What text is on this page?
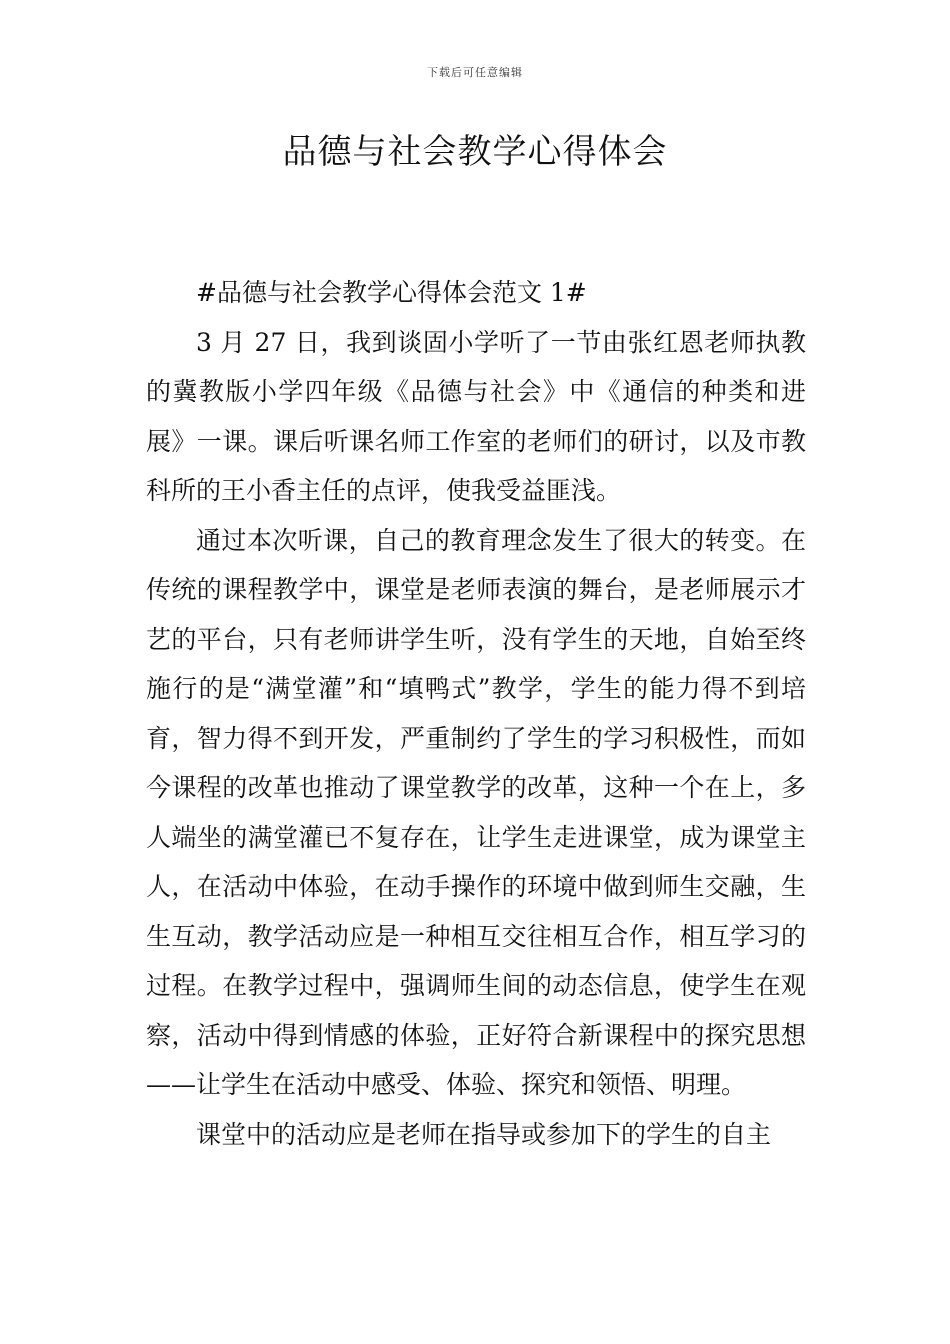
下载后可任意编辑
品德与社会教学心得体会

#品德与社会教学心得体会范文 1#

3 月 27 日，我到谈固小学听了一节由张红恩老师执教的冀教版小学四年级《品德与社会》中《通信的种类和进展》一课。课后听课名师工作室的老师们的研讨，以及市教科所的王小香主任的点评，使我受益匪浅。

通过本次听课，自己的教育理念发生了很大的转变。在传统的课程教学中，课堂是老师表演的舞台，是老师展示才艺的平台，只有老师讲学生听，没有学生的天地，自始至终施行的是“满堂灌”和“填鸭式”教学，学生的能力得不到培育，智力得不到开发，严重制约了学生的学习积极性，而如今课程的改革也推动了课堂教学的改革，这种一个在上，多人端坐的满堂灌已不复存在，让学生走进课堂，成为课堂主人，在活动中体验，在动手操作的环境中做到师生交融，生生互动，教学活动应是一种相互交往相互合作，相互学习的过程。在教学过程中，强调师生间的动态信息，使学生在观察，活动中得到情感的体验，正好符合新课程中的探究思想——让学生在活动中感受、体验、探究和领悟、明理。

课堂中的活动应是老师在指导或参加下的学生的自主
